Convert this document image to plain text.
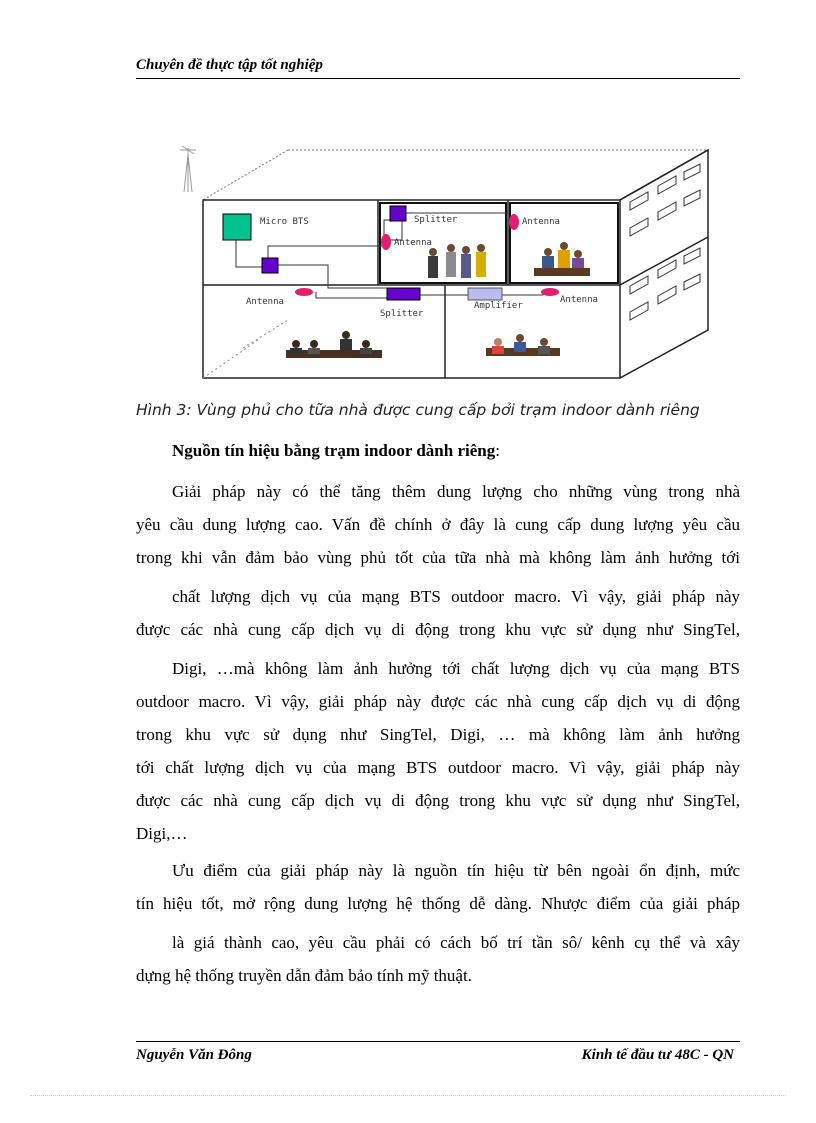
Chuyên đề thực tập tốt nghiệp
Micro BTS	Splitter
Splitter
Amplifier
Antenna
Antenna
Antenna	Antenna
Hình 3: Vùng phủ cho tữa nhà được cung cấp bởi trạm indoor dành riêng
Nguồn tín hiệu bằng trạm indoor dành riêng:
Giải pháp này có thể tăng thêm dung lượng cho những vùng trong nhà
yêu cầu dung lượng cao. Vấn đề chính ở đây là cung cấp dung lượng yêu cầu
trong khi vẫn đảm bảo vùng phủ tốt của tữa nhà mà không làm ảnh hưởng tới
chất lượng dịch vụ của mạng BTS outdoor macro. Vì vậy, giải pháp này
được các nhà cung cấp dịch vụ di động trong khu vực sử dụng như SingTel,
Digi, …mà không làm ảnh hưởng tới chất lượng dịch vụ của mạng BTS
outdoor macro. Vì vậy, giải pháp này được các nhà cung cấp dịch vụ di động
trong khu vực sử dụng như SingTel, Digi, … mà không làm ảnh hưởng
tới chất lượng dịch vụ của mạng BTS outdoor macro. Vì vậy, giải pháp này
được các nhà cung cấp dịch vụ di động trong khu vực sử dụng như SingTel,
Digi,…
Ưu điểm của giải pháp này là nguồn tín hiệu từ bên ngoài ổn định, mức
tín hiệu tốt, mở rộng dung lượng hệ thống dễ dàng. Nhược điểm của giải pháp
là giá thành cao, yêu cầu phải có cách bố trí tần sô/ kênh cụ thể và xây
dựng hệ thống truyền dẫn đảm bảo tính mỹ thuật.
Nguyễn Văn Đông	Kinh tế đầu tư 48C - QN
